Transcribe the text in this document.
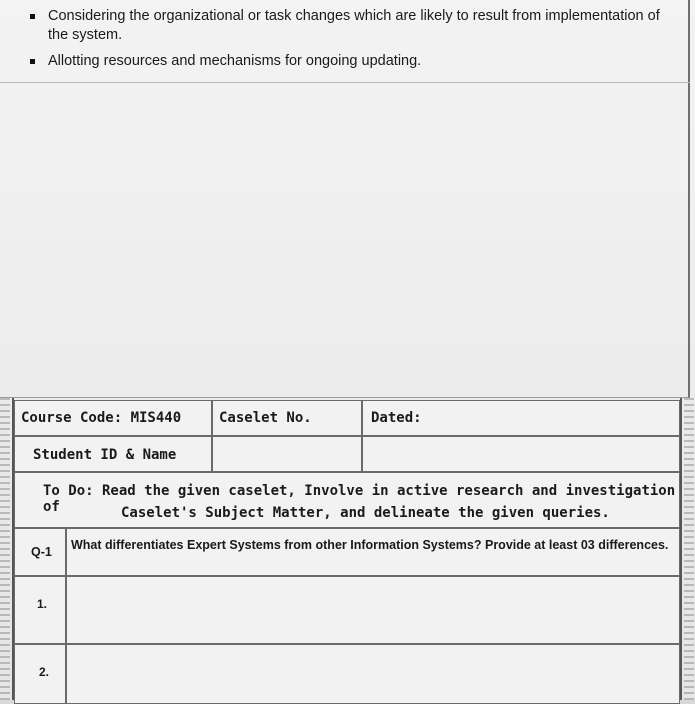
Considering the organizational or task changes which are likely to result from implementation of the system.
Allotting resources and mechanisms for ongoing updating.
Course Code: MIS440	Caselet No.	Dated:
Student ID & Name
To Do: Read the given caselet, Involve in active research and investigation of	Caselet's Subject Matter, and delineate the given queries.
Q-1 What differentiates Expert Systems from other Information Systems? Provide at least 03 differences.
1.
2.
